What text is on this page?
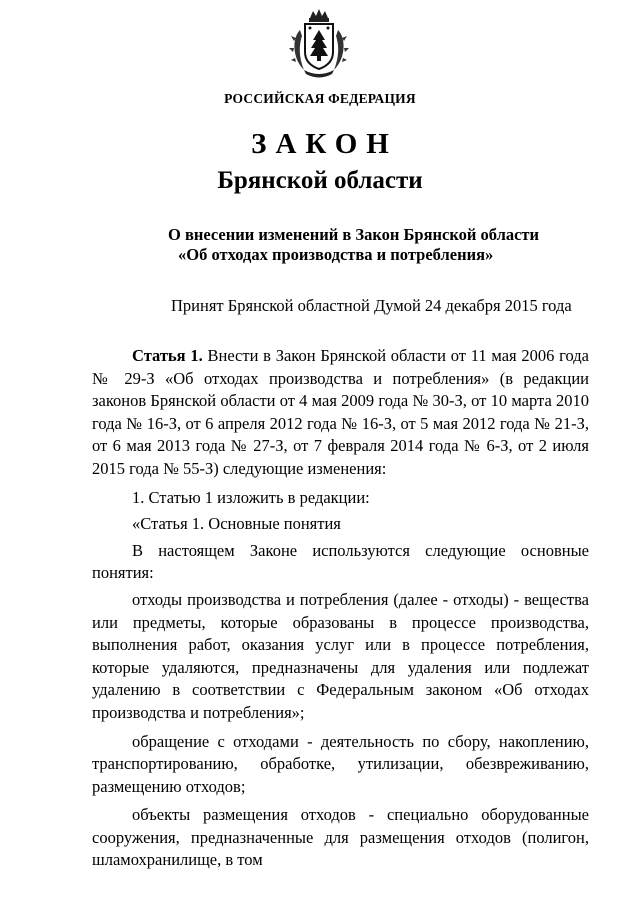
РОССИЙСКАЯ ФЕДЕРАЦИЯ
ЗАКОН
Брянской области
О внесении изменений в Закон Брянской области
«Об отходах производства и потребления»
Принят Брянской областной Думой 24 декабря 2015 года

Статья 1. Внести в Закон Брянской области от 11 мая 2006 года № 29-З «Об отходах производства и потребления» (в редакции законов Брянской области от 4 мая 2009 года № 30-З, от 10 марта 2010 года № 16-З, от 6 апреля 2012 года № 16-З, от 5 мая 2012 года № 21-З, от 6 мая 2013 года № 27-З, от 7 февраля 2014 года № 6-З, от 2 июля 2015 года № 55-З) следующие изменения:

1. Статью 1 изложить в редакции:

«Статья 1. Основные понятия

В настоящем Законе используются следующие основные понятия:

отходы производства и потребления (далее - отходы) - вещества или предметы, которые образованы в процессе производства, выполнения работ, оказания услуг или в процессе потребления, которые удаляются, предназначены для удаления или подлежат удалению в соответствии с Федеральным законом «Об отходах производства и потребления»;

обращение с отходами - деятельность по сбору, накоплению, транспортированию, обработке, утилизации, обезвреживанию, размещению отходов;

объекты размещения отходов - специально оборудованные сооружения, предназначенные для размещения отходов (полигон, шламохранилище, в том
